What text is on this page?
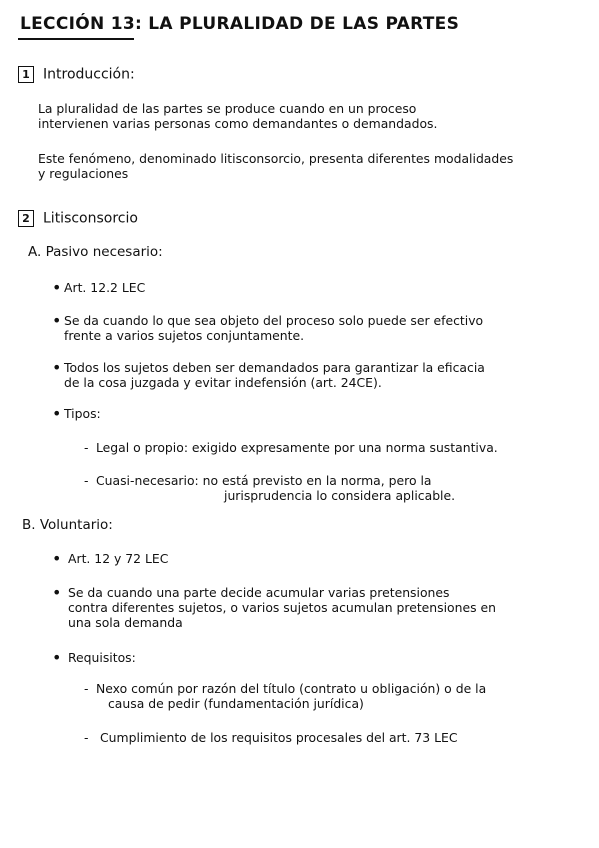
LECCIÓN 13: LA PLURALIDAD DE LAS PARTES
1 Introducción:
La pluralidad de las partes se produce cuando en un proceso
intervienen varias personas como demandantes o demandados.
Este fenómeno, denominado litisconsorcio, presenta diferentes modalidades
y regulaciones
2 Litisconsorcio
A. Pasivo necesario:
• Art. 12.2 LEC
• Se da cuando lo que sea objeto del proceso solo puede ser efectivo
frente a varios sujetos conjuntamente.
• Todos los sujetos deben ser demandados para garantizar la eficacia
de la cosa juzgada y evitar indefensión (art. 24CE).
• Tipos:
- Legal o propio: exigido expresamente por una norma sustantiva.
- Cuasi-necesario: no está previsto en la norma, pero la
jurisprudencia lo considera aplicable.
B. Voluntario:
• Art. 12 y 72 LEC
• Se da cuando una parte decide acumular varias pretensiones
contra diferentes sujetos, o varios sujetos acumulan pretensiones en
una sola demanda
• Requisitos:
- Nexo común por razón del título (contrato u obligación) o de la
causa de pedir (fundamentación jurídica)
- Cumplimiento de los requisitos procesales del art. 73 LEC
